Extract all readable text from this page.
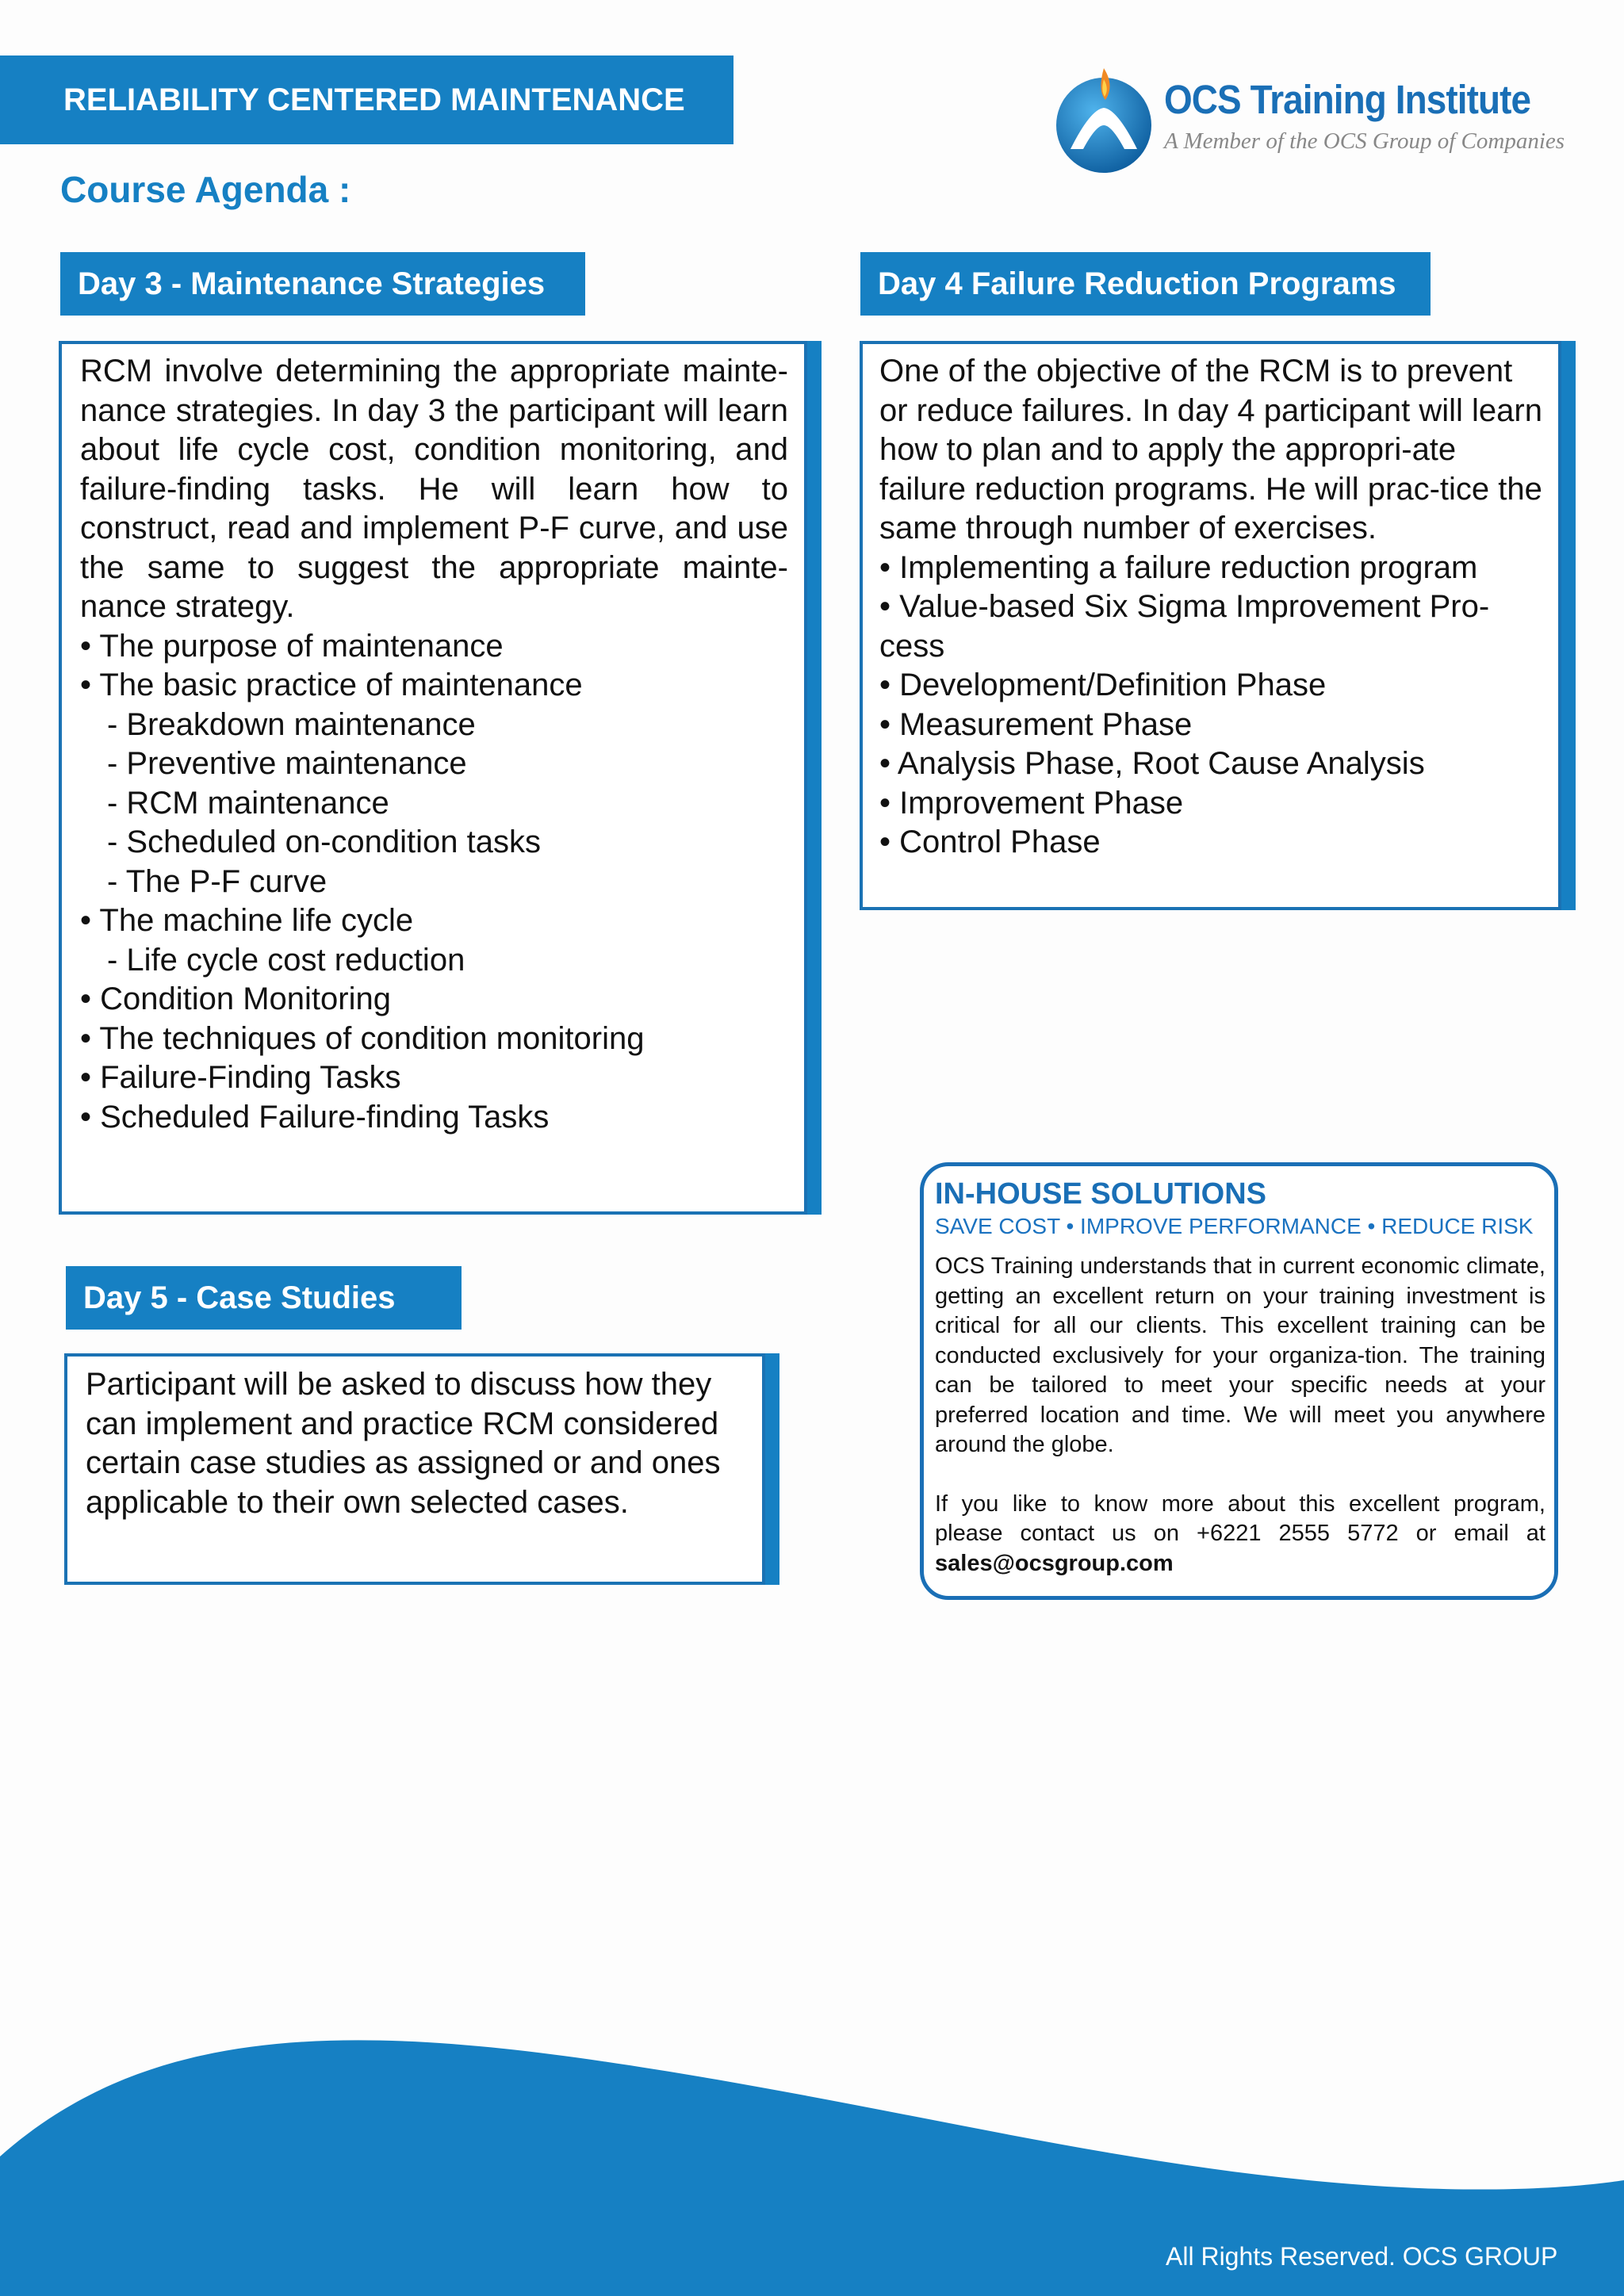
RELIABILITY CENTERED MAINTENANCE	OCS Training Institute
A Member of the OCS Group of Companies
Course Agenda :
Day 3 - Maintenance Strategies
RCM involve determining the appropriate mainte-nance strategies. In day 3 the participant will learn about life cycle cost, condition monitoring, and failure-finding tasks. He will learn how to construct, read and implement P-F curve, and use the same to suggest the appropriate mainte-nance strategy.
• The purpose of maintenance
• The basic practice of maintenance
- Breakdown maintenance
- Preventive maintenance
- RCM maintenance
- Scheduled on-condition tasks
- The P-F curve
• The machine life cycle
- Life cycle cost reduction
• Condition Monitoring
• The techniques of condition monitoring
• Failure-Finding Tasks
• Scheduled Failure-finding Tasks
Day 4 Failure Reduction Programs
One of the objective of the RCM is to prevent or reduce failures. In day 4 participant will learn how to plan and to apply the appropri-ate failure reduction programs. He will prac-tice the same through number of exercises.
• Implementing a failure reduction program
• Value-based Six Sigma Improvement Pro-cess
• Development/Definition Phase
• Measurement Phase
• Analysis Phase, Root Cause Analysis
• Improvement Phase
• Control Phase
Day 5 - Case Studies
Participant will be asked to discuss how they can implement and practice RCM considered certain case studies as assigned or and ones applicable to their own selected cases.
IN-HOUSE SOLUTIONS
SAVE COST • IMPROVE PERFORMANCE • REDUCE RISK

OCS Training understands that in current economic climate, getting an excellent return on your training investment is critical for all our clients. This excellent training can be conducted exclusively for your organiza-tion. The training can be tailored to meet your specific needs at your preferred location and time. We will meet you anywhere around the globe.

If you like to know more about this excellent program, please contact us on +6221 2555 5772 or email at sales@ocsgroup.com

All Rights Reserved. OCS GROUP
